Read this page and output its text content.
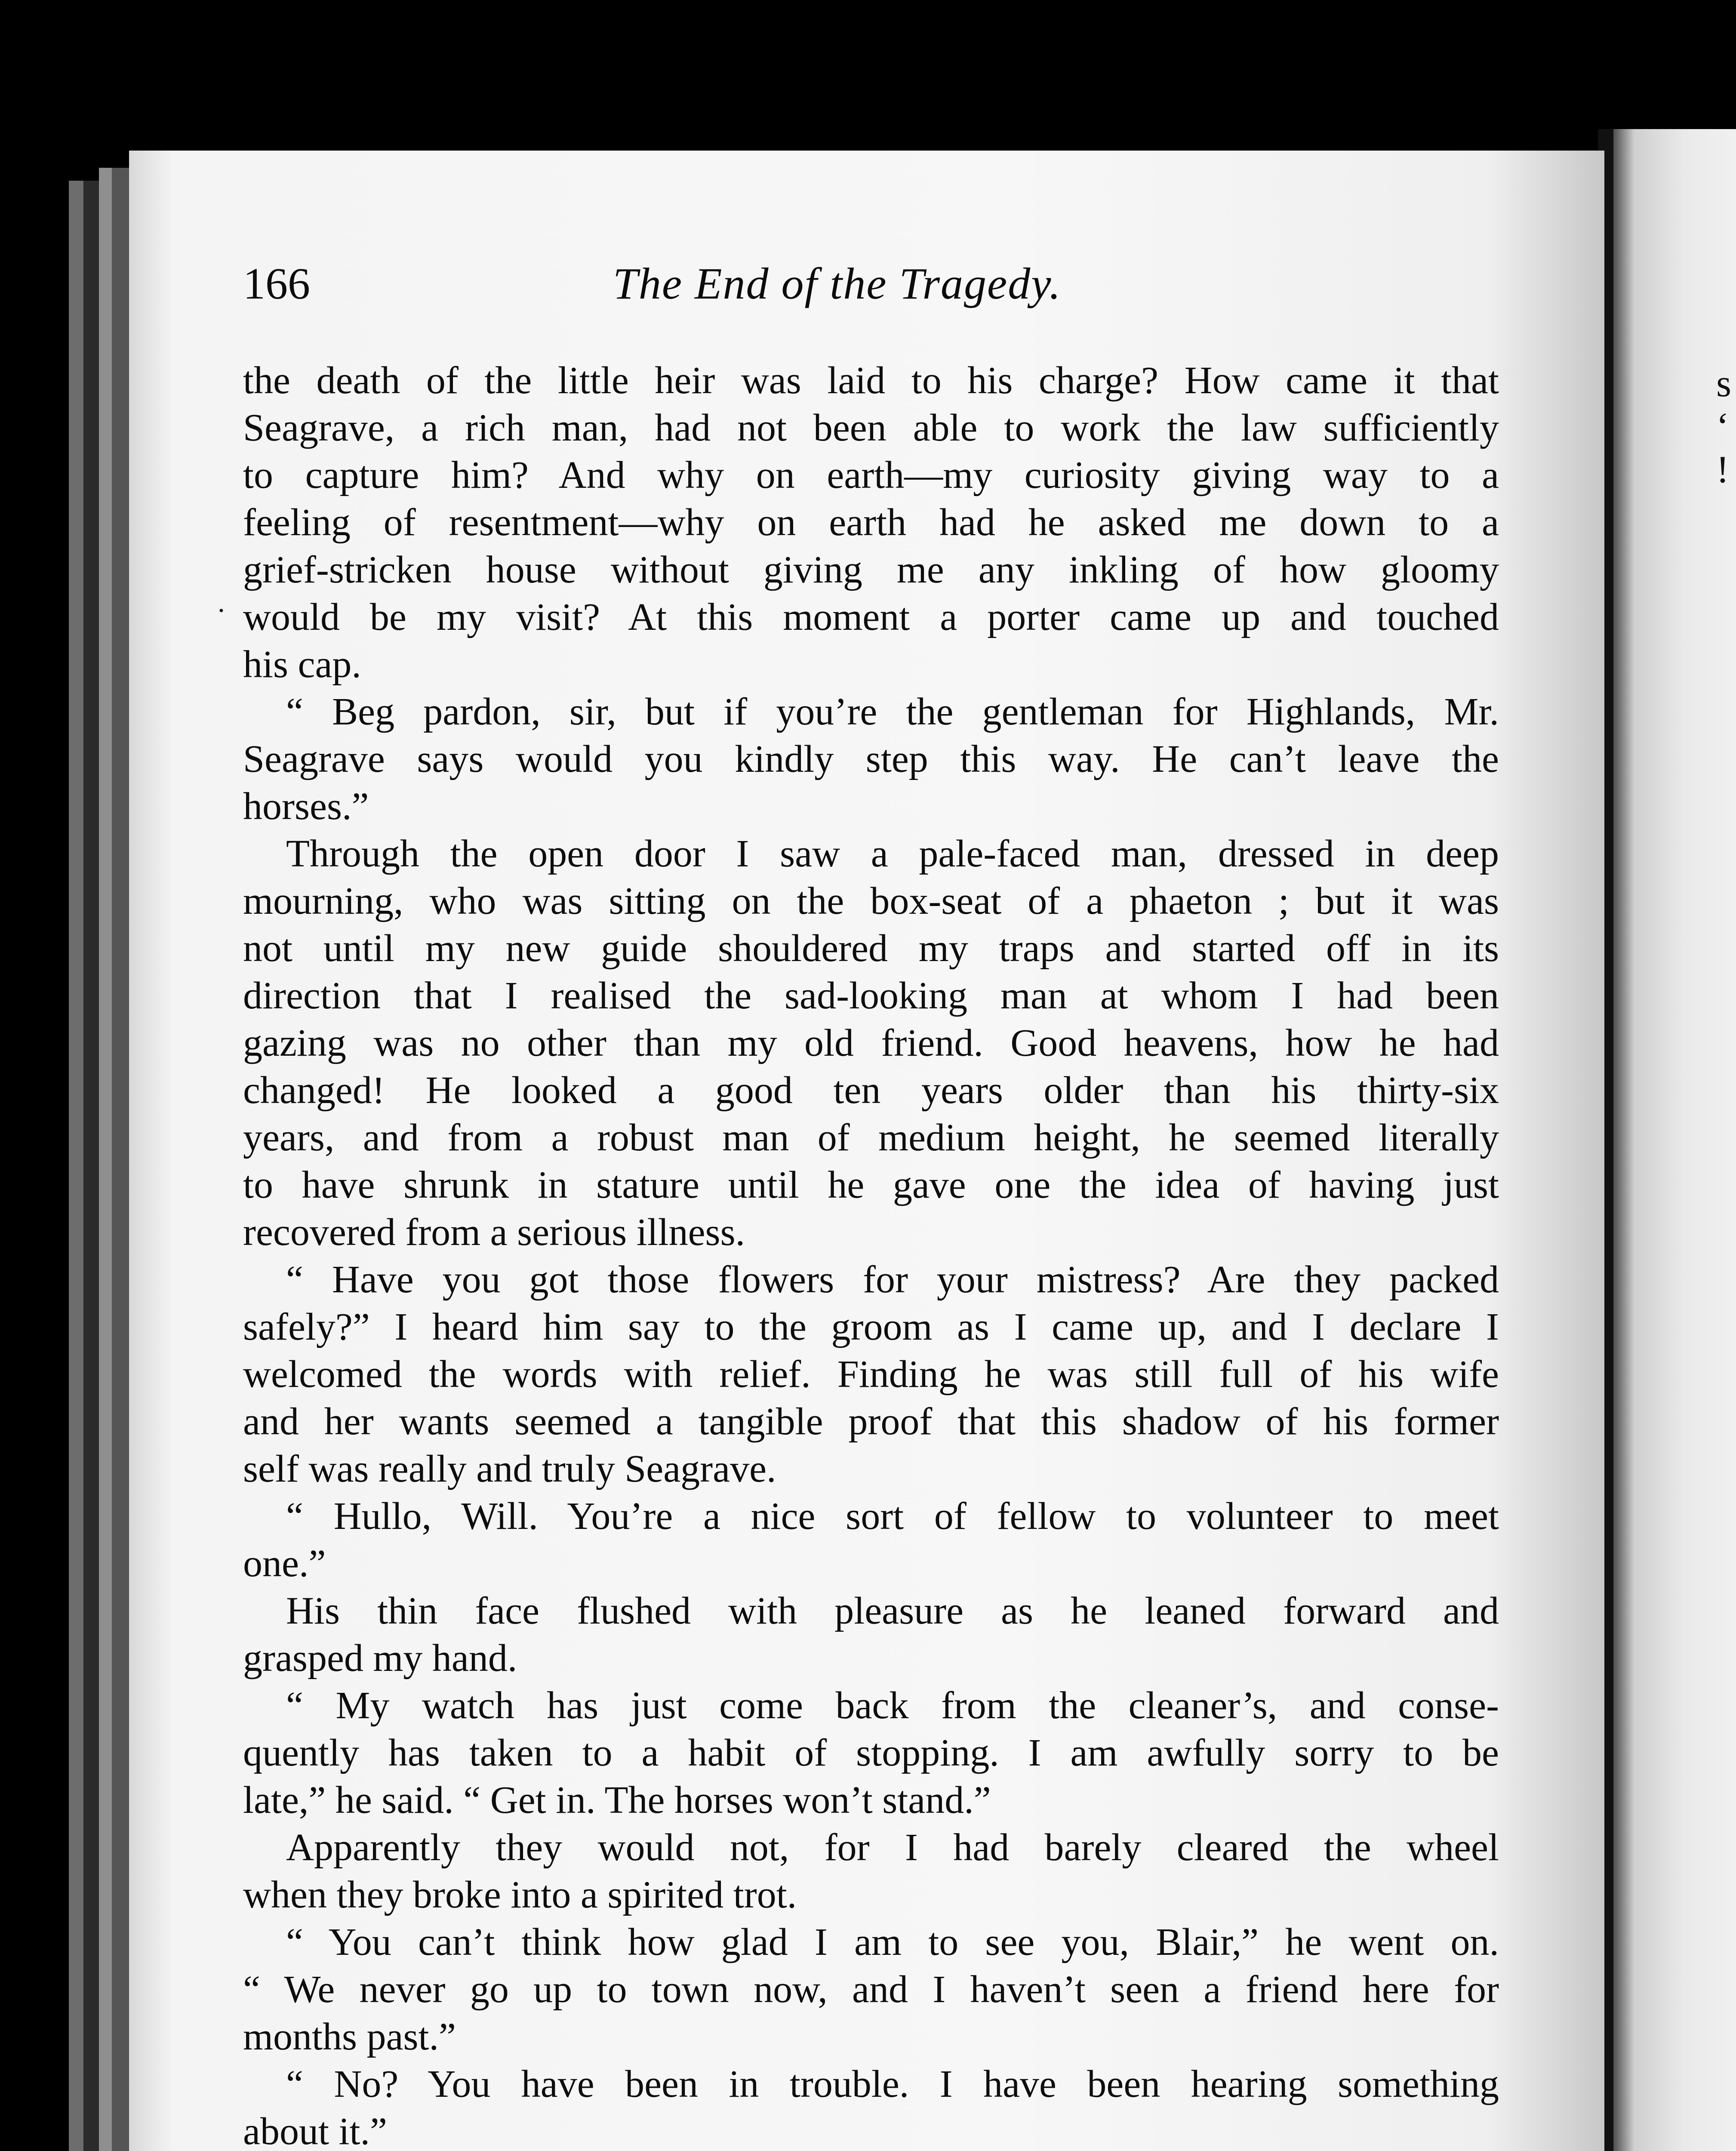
s
‘
!
166	The End of the Tragedy.
·
the death of the little heir was laid to his charge? How came it that
Seagrave, a rich man, had not been able to work the law sufficiently
to capture him? And why on earth—my curiosity giving way to a
feeling of resentment—why on earth had he asked me down to a
grief-stricken house without giving me any inkling of how gloomy
would be my visit? At this moment a porter came up and touched
his cap.
“ Beg pardon, sir, but if you’re the gentleman for Highlands, Mr.
Seagrave says would you kindly step this way. He can’t leave the
horses.”
Through the open door I saw a pale-faced man, dressed in deep
mourning, who was sitting on the box-seat of a phaeton ; but it was
not until my new guide shouldered my traps and started off in its
direction that I realised the sad-looking man at whom I had been
gazing was no other than my old friend. Good heavens, how he had
changed! He looked a good ten years older than his thirty-six
years, and from a robust man of medium height, he seemed literally
to have shrunk in stature until he gave one the idea of having just
recovered from a serious illness.
“ Have you got those flowers for your mistress? Are they packed
safely?” I heard him say to the groom as I came up, and I declare I
welcomed the words with relief. Finding he was still full of his wife
and her wants seemed a tangible proof that this shadow of his former
self was really and truly Seagrave.
“ Hullo, Will. You’re a nice sort of fellow to volunteer to meet
one.”
His thin face flushed with pleasure as he leaned forward and
grasped my hand.
“ My watch has just come back from the cleaner’s, and conse-
quently has taken to a habit of stopping. I am awfully sorry to be
late,” he said. “ Get in. The horses won’t stand.”
Apparently they would not, for I had barely cleared the wheel
when they broke into a spirited trot.
“ You can’t think how glad I am to see you, Blair,” he went on.
“ We never go up to town now, and I haven’t seen a friend here for
months past.”
“ No? You have been in trouble. I have been hearing something
about it.”
